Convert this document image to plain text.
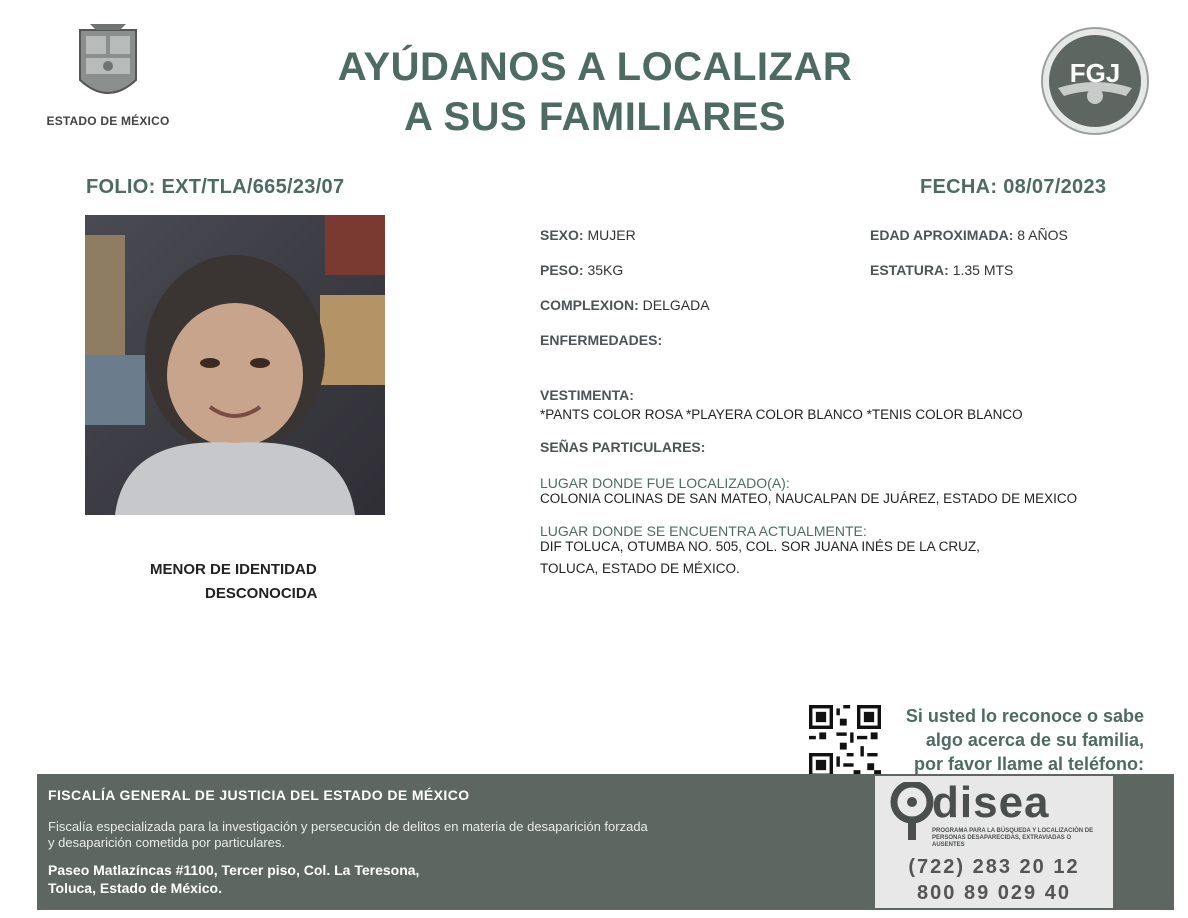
ESTADO DE MÉXICO
AYÚDANOS A LOCALIZAR
A SUS FAMILIARES
FGJ
FOLIO: EXT/TLA/665/23/07	FECHA: 08/07/2023
MENOR DE IDENTIDAD
DESCONOCIDA
SEXO: MUJER	EDAD APROXIMADA: 8 AÑOS
PESO: 35KG	ESTATURA: 1.35 MTS
COMPLEXION: DELGADA
ENFERMEDADES:
VESTIMENTA:
*PANTS COLOR ROSA *PLAYERA COLOR BLANCO *TENIS COLOR BLANCO
SEÑAS PARTICULARES:
LUGAR DONDE FUE LOCALIZADO(A):
COLONIA COLINAS DE SAN MATEO, NAUCALPAN DE JUÁREZ, ESTADO DE MEXICO
LUGAR DONDE SE ENCUENTRA ACTUALMENTE:
DIF TOLUCA, OTUMBA NO. 505, COL. SOR JUANA INÉS DE LA CRUZ,
TOLUCA, ESTADO DE MÉXICO.
Si usted lo reconoce o sabe
algo acerca de su familia,
por favor llame al teléfono:
FISCALÍA GENERAL DE JUSTICIA DEL ESTADO DE MÉXICO
Fiscalía especializada para la investigación y persecución de delitos en materia de desaparición forzada y desaparición cometida por particulares.
Paseo Matlazíncas #1100, Tercer piso, Col. La Teresona,
Toluca, Estado de México.
disea
PROGRAMA PARA LA BÚSQUEDA Y LOCALIZACIÓN DE PERSONAS DESAPARECIDAS, EXTRAVIADAS O AUSENTES
(722) 283 20 12
800 89 029 40
